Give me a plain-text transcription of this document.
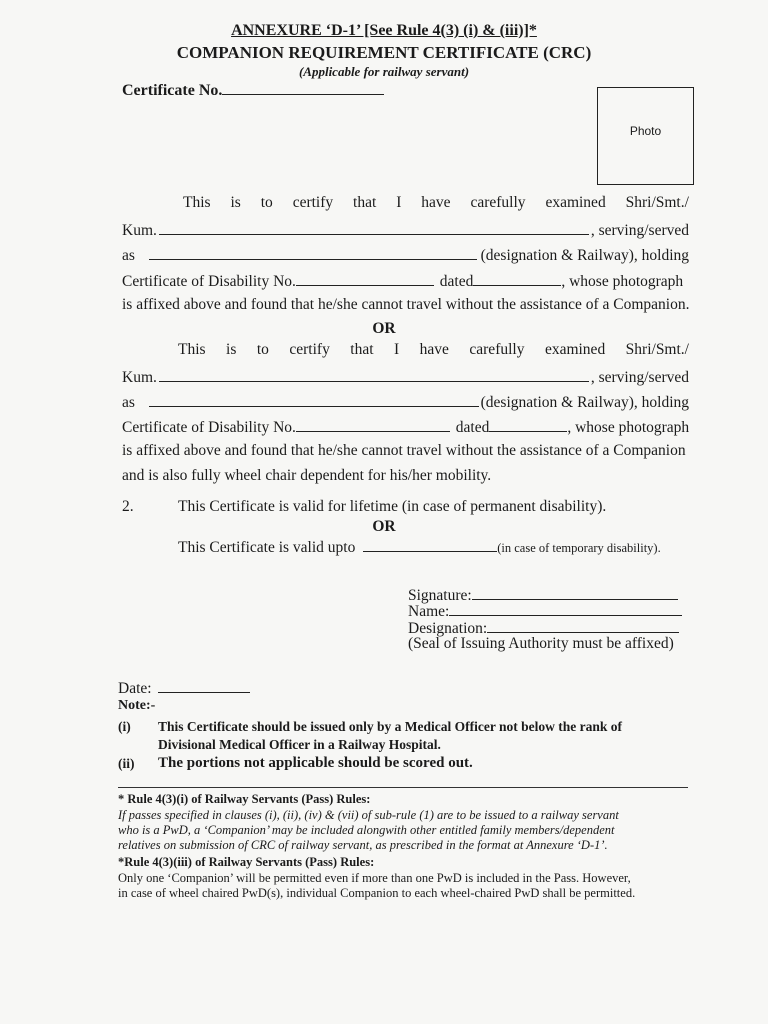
ANNEXURE ‘D-1’ [See Rule 4(3) (i) & (iii)]*
COMPANION REQUIREMENT CERTIFICATE (CRC)
(Applicable for railway servant)
Certificate No.
Photo
This is to certify that I have carefully examined Shri/Smt./
Kum.	, serving/served
as	(designation & Railway), holding
Certificate of Disability No.	dated	, whose photograph
is affixed above and found that he/she cannot travel without the assistance of a Companion.
OR
This is to certify that I have carefully examined Shri/Smt./
Kum.	, serving/served
as	(designation & Railway), holding
Certificate of Disability No.	dated	, whose photograph
is affixed above and found that he/she cannot travel without the assistance of a Companion
and is also fully wheel chair dependent for his/her mobility.
2.	This Certificate is valid for lifetime (in case of permanent disability).
OR
This Certificate is valid upto	(in case of temporary disability).
Signature:
Name:
Designation:
(Seal of Issuing Authority must be affixed)
Date:
Note:-
(i) This Certificate should be issued only by a Medical Officer not below the rank of
Divisional Medical Officer in a Railway Hospital.
(ii) The portions not applicable should be scored out.
* Rule 4(3)(i) of Railway Servants (Pass) Rules:
If passes specified in clauses (i), (ii), (iv) & (vii) of sub-rule (1) are to be issued to a railway servant
who is a PwD, a ‘Companion’ may be included alongwith other entitled family members/dependent
relatives on submission of CRC of railway servant, as prescribed in the format at Annexure ‘D-1’.
*Rule 4(3)(iii) of Railway Servants (Pass) Rules:
Only one ‘Companion’ will be permitted even if more than one PwD is included in the Pass. However,
in case of wheel chaired PwD(s), individual Companion to each wheel-chaired PwD shall be permitted.
